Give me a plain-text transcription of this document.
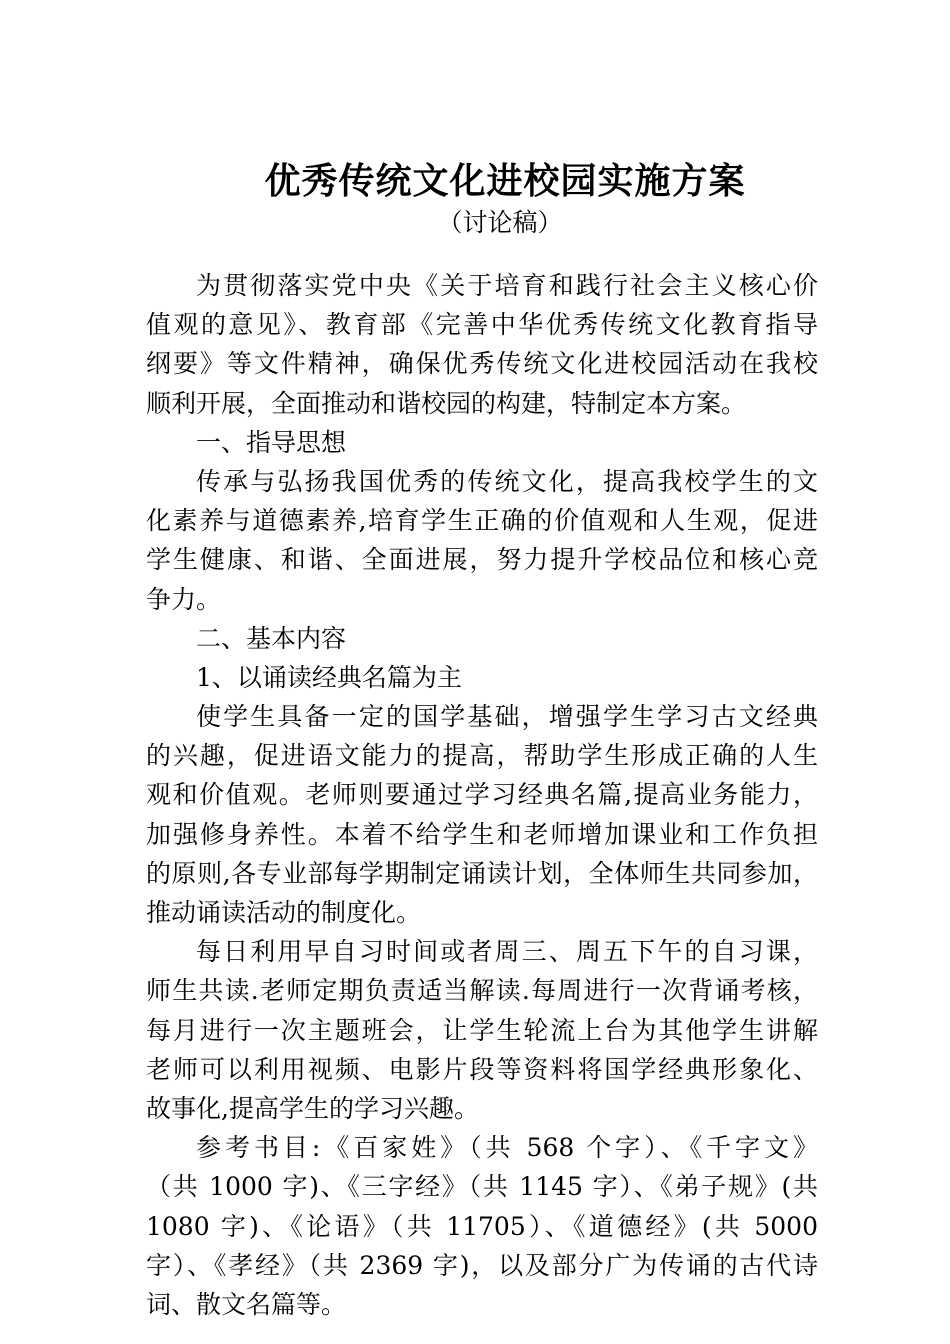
优秀传统文化进校园实施方案
（讨论稿）
为贯彻落实党中央《关于培育和践行社会主义核心价
值观的意见》、教育部《完善中华优秀传统文化教育指导
纲要》等文件精神，确保优秀传统文化进校园活动在我校
顺利开展，全面推动和谐校园的构建，特制定本方案。
一、指导思想
传承与弘扬我国优秀的传统文化，提高我校学生的文
化素养与道德素养,培育学生正确的价值观和人生观，促进
学生健康、和谐、全面进展，努力提升学校品位和核心竞
争力。
二、基本内容
1、以诵读经典名篇为主
使学生具备一定的国学基础，增强学生学习古文经典
的兴趣，促进语文能力的提高，帮助学生形成正确的人生
观和价值观。老师则要通过学习经典名篇,提高业务能力，
加强修身养性。本着不给学生和老师增加课业和工作负担
的原则,各专业部每学期制定诵读计划，全体师生共同参加，
推动诵读活动的制度化。
每日利用早自习时间或者周三、周五下午的自习课，
师生共读.老师定期负责适当解读.每周进行一次背诵考核，
每月进行一次主题班会，让学生轮流上台为其他学生讲解
老师可以利用视频、电影片段等资料将国学经典形象化、
故事化,提高学生的学习兴趣。
参考书目:《百家姓》（共 568 个字）、《千字文》
（共 1000 字)、《三字经》（共 1145 字）、《弟子规》(共
1080 字)、《论语》（共 11705）、《道德经》(共 5000
字）、《孝经》（共 2369 字)，以及部分广为传诵的古代诗
词、散文名篇等。
